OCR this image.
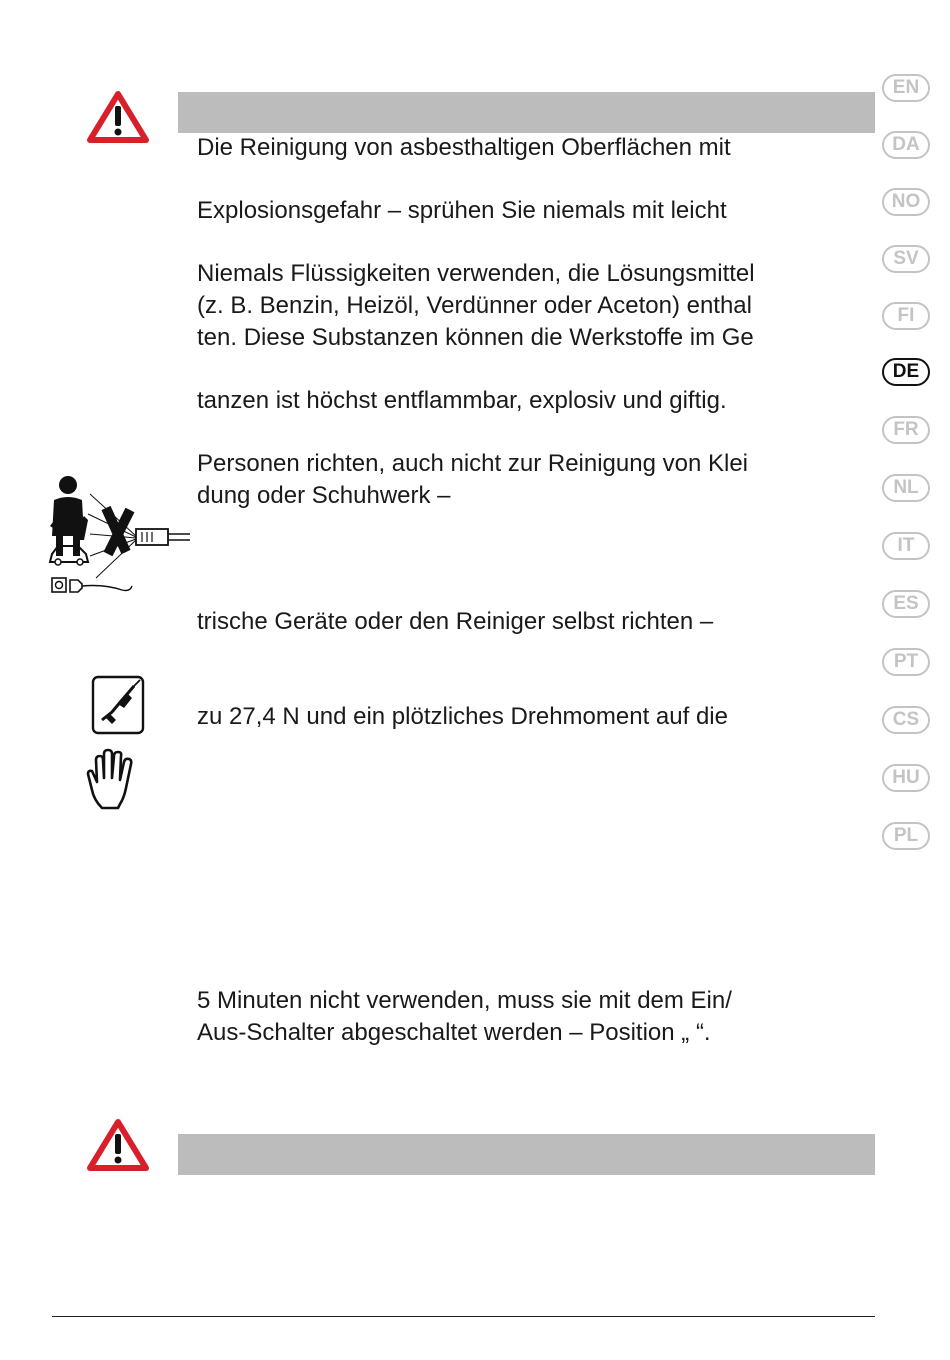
Die Reinigung von asbesthaltigen Oberflächen mit
Explosionsgefahr – sprühen Sie niemals mit leicht
Niemals Flüssigkeiten verwenden, die Lösungsmittel
(z. B. Benzin, Heizöl, Verdünner oder Aceton) enthal
ten. Diese Substanzen können die Werkstoffe im Ge
tanzen ist höchst entflammbar, explosiv und giftig.
Personen richten, auch nicht zur Reinigung von Klei
dung oder Schuhwerk –
trische Geräte oder den Reiniger selbst richten –
zu 27,4 N und ein plötzliches Drehmoment auf die
5 Minuten nicht verwenden, muss sie mit dem Ein/
Aus-Schalter abgeschaltet werden – Position „ “.
EN
DA
NO
SV
FI
DE
FR
NL
IT
ES
PT
CS
HU
PL
